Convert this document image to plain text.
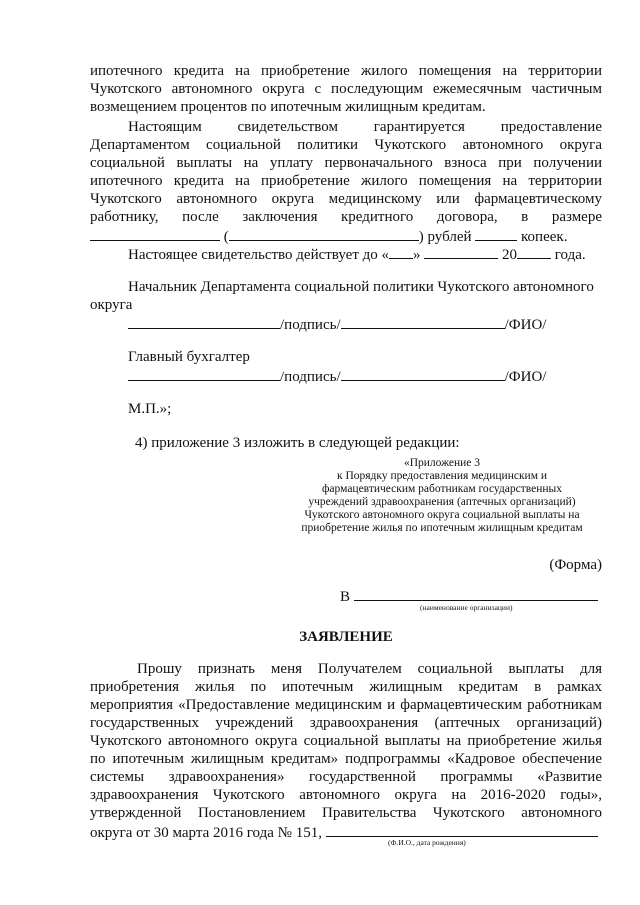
ипотечного кредита на приобретение жилого помещения на территории
Чукотского автономного округа с последующим ежемесячным частичным
возмещением процентов по ипотечным жилищным кредитам.
Настоящим свидетельством гарантируется предоставление
Департаментом социальной политики Чукотского автономного округа
социальной выплаты на уплату первоначального взноса при получении
ипотечного кредита на приобретение жилого помещения на территории
Чукотского автономного округа медицинскому или фармацевтическому
работнику, после заключения кредитного договора, в размере
(	) рублей	копеек.
Настоящее свидетельство действует до « »	20	года.
Начальник Департамента социальной политики Чукотского автономного
округа
/подпись/	/ФИО/
Главный бухгалтер
/подпись/	/ФИО/
М.П.»;
4) приложение 3 изложить в следующей редакции:
«Приложение 3
к Порядку предоставления медицинским и
фармацевтическим работникам государственных
учреждений здравоохранения (аптечных организаций)
Чукотского автономного округа социальной выплаты на
приобретение жилья по ипотечным жилищным кредитам
(Форма)
В
(наименование организации)
ЗАЯВЛЕНИЕ
Прошу признать меня Получателем социальной выплаты для
приобретения жилья по ипотечным жилищным кредитам в рамках
мероприятия «Предоставление медицинским и фармацевтическим работникам
государственных учреждений здравоохранения (аптечных организаций)
Чукотского автономного округа социальной выплаты на приобретение жилья
по ипотечным жилищным кредитам» подпрограммы «Кадровое обеспечение
системы здравоохранения» государственной программы «Развитие
здравоохранения Чукотского автономного округа на 2016-2020 годы»,
утвержденной Постановлением Правительства Чукотского автономного
округа от 30 марта 2016 года № 151,
(Ф.И.О., дата рождения)
